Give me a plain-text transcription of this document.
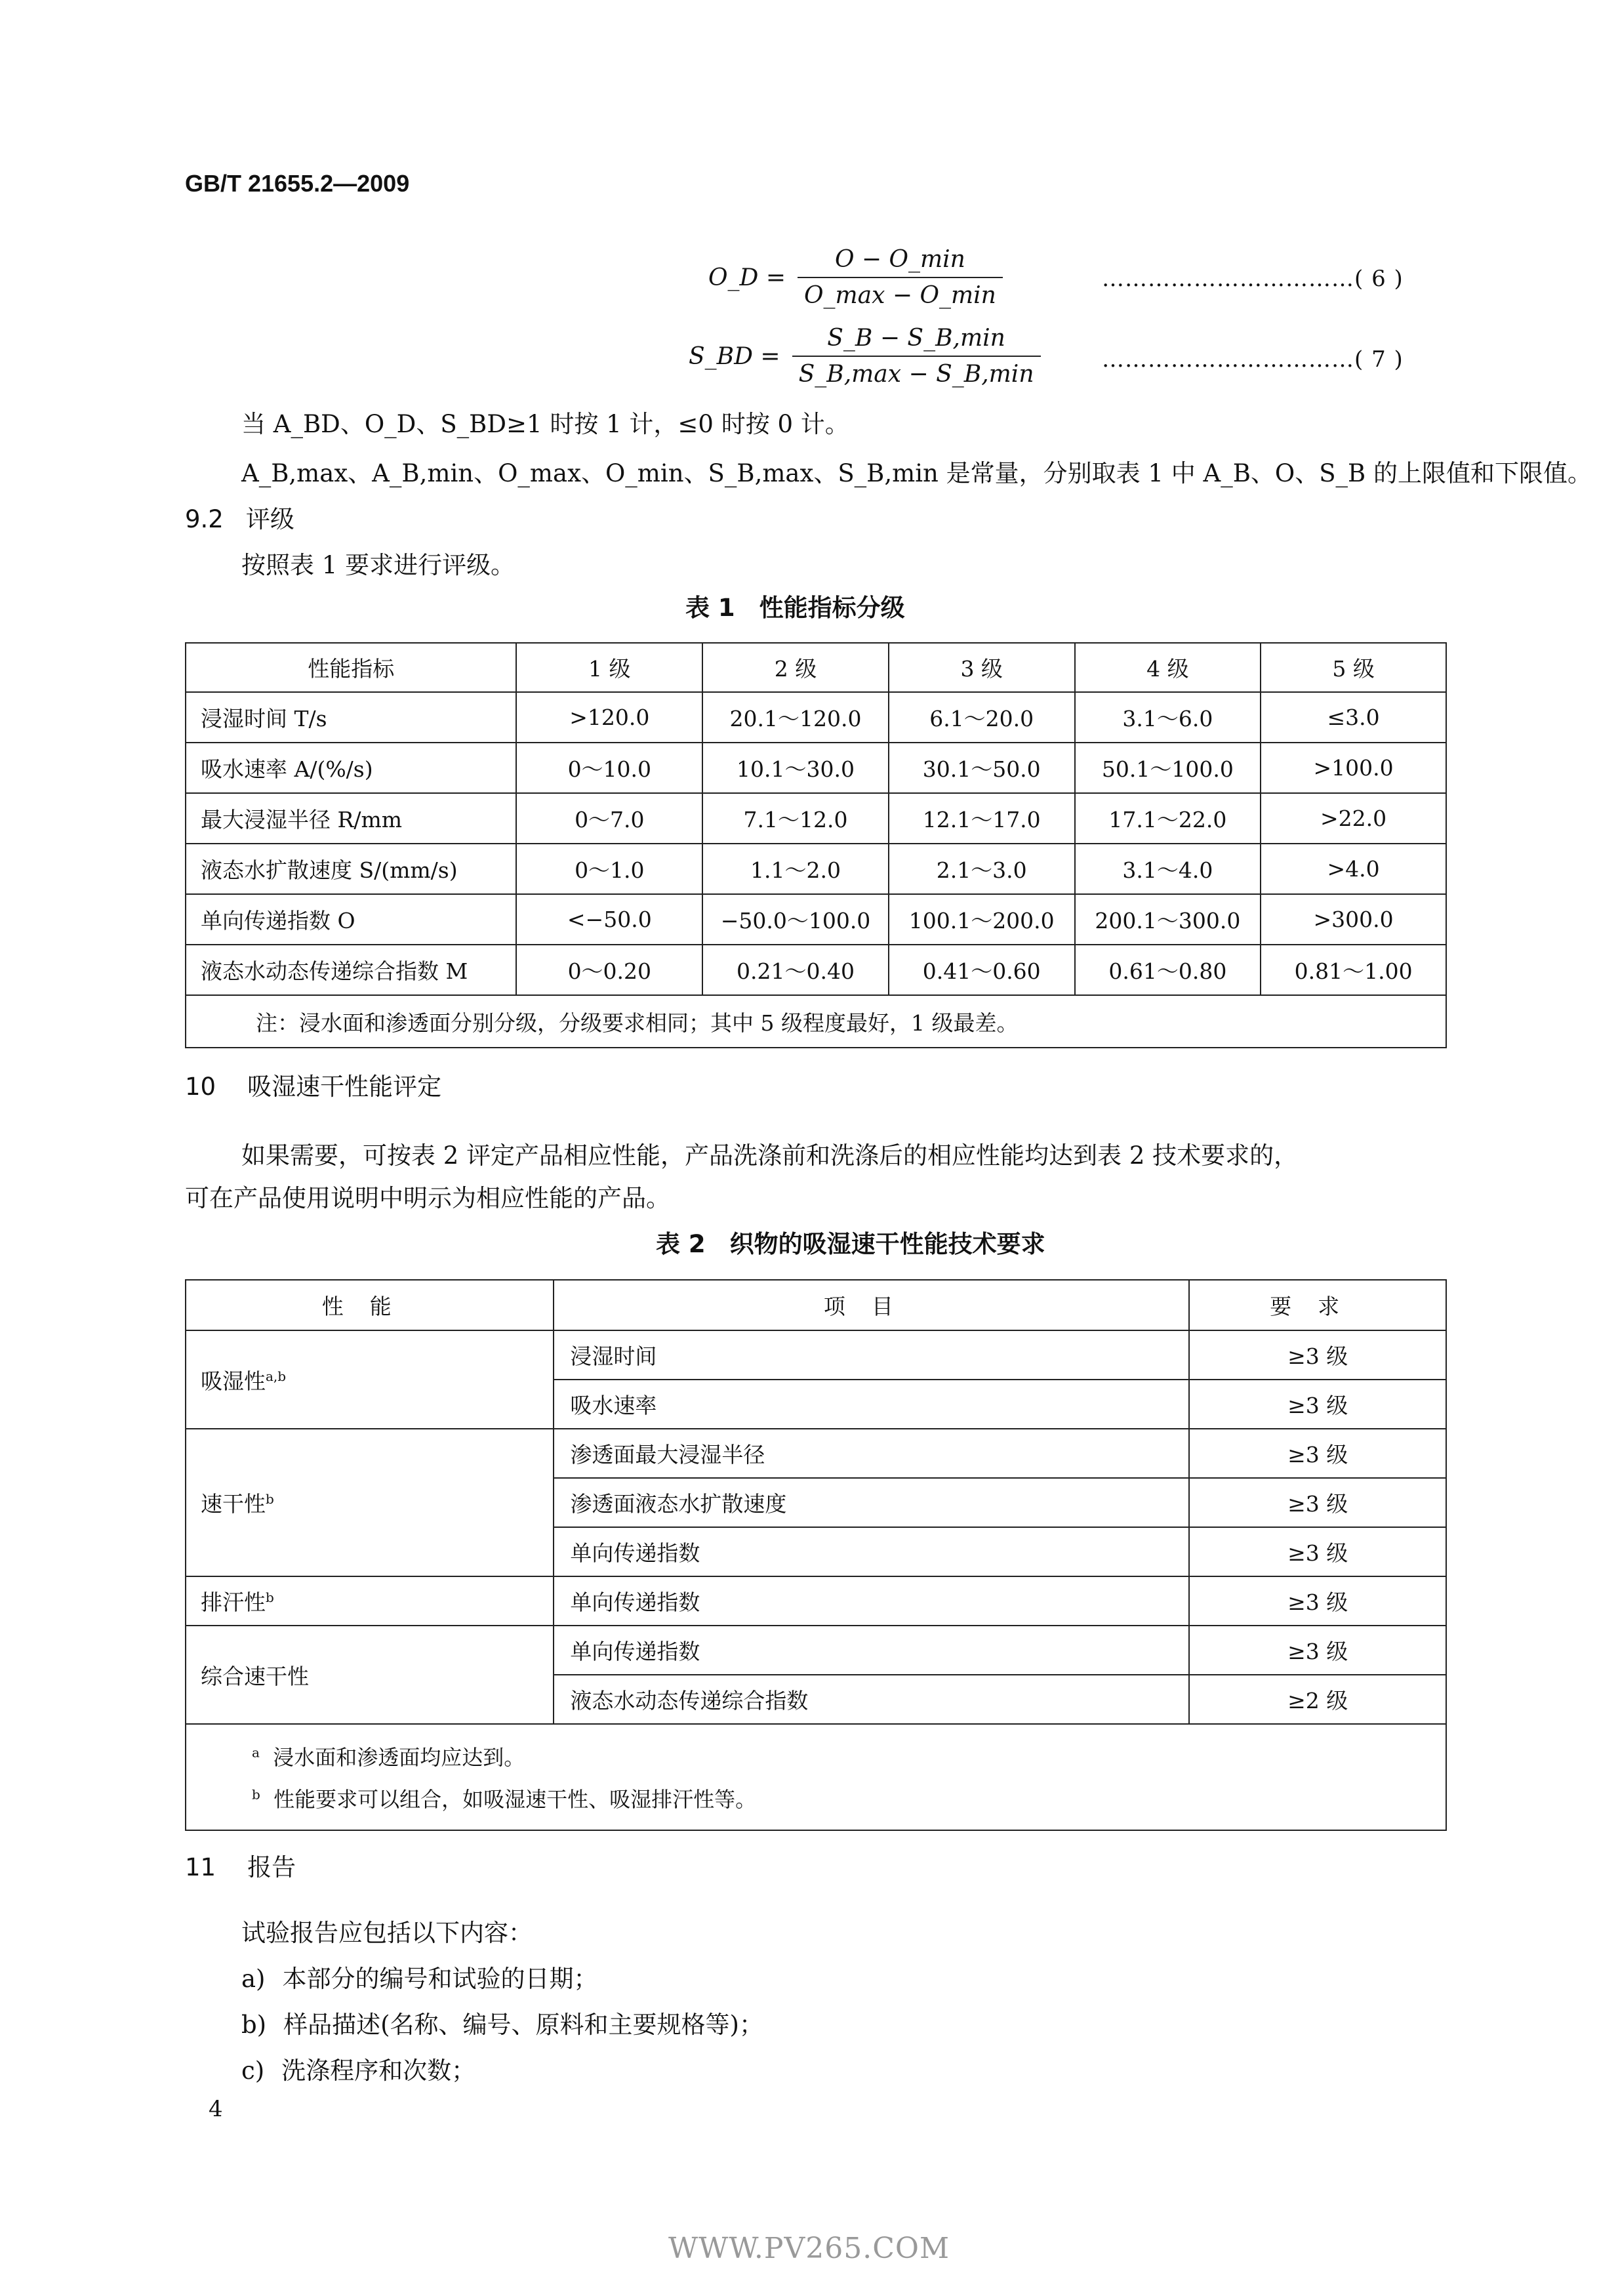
GB/T 21655.2—2009
O_D = $\frac{O - O\_\min}{O\_\max - O\_\min}$	……………………………( 6 )
S_BD = $\frac{S\_B - S\_B,\min}{S\_B,\max - S\_B,\min}$	……………………………( 7 )
当 A_BD、O_D、S_BD≥1 时按 1 计，≤0 时按 0 计。
A_B,max、A_B,min、O_max、O_min、S_B,max、S_B,min 是常量，分别取表 1 中 A_B、O、S_B 的上限值和下限值。
9.2 评级
按照表 1 要求进行评级。
表 1　性能指标分级
性能指标	1 级	2 级	3 级	4 级	5 级
浸湿时间 T/s	>120.0	20.1～120.0	6.1～20.0	3.1～6.0	≤3.0
吸水速率 A/(%/s)	0～10.0	10.1～30.0	30.1～50.0	50.1～100.0	>100.0
最大浸湿半径 R/mm	0～7.0	7.1～12.0	12.1～17.0	17.1～22.0	>22.0
液态水扩散速度 S/(mm/s)	0～1.0	1.1～2.0	2.1～3.0	3.1～4.0	>4.0
单向传递指数 O	<−50.0	−50.0～100.0	100.1～200.0	200.1～300.0	>300.0
液态水动态传递综合指数 M	0～0.20	0.21～0.40	0.41～0.60	0.61～0.80	0.81～1.00
注：浸水面和渗透面分别分级，分级要求相同；其中 5 级程度最好，1 级最差。					
10 吸湿速干性能评定
如果需要，可按表 2 评定产品相应性能，产品洗涤前和洗涤后的相应性能均达到表 2 技术要求的，
可在产品使用说明中明示为相应性能的产品。
表 2　织物的吸湿速干性能技术要求
性能	项目	要求
吸湿性$^{a,b}$	浸湿时间	≥3 级
	吸水速率	≥3 级
速干性$^b$	渗透面最大浸湿半径	≥3 级
	渗透面液态水扩散速度	≥3 级
	单向传递指数	≥3 级
排汗性$^b$	单向传递指数	≥3 级
综合速干性	单向传递指数	≥3 级
	液态水动态传递综合指数	≥2 级

$^a$ 浸水面和渗透面均应达到。
$^b$ 性能要求可以组合，如吸湿速干性、吸湿排汗性等。		
11 报告
试验报告应包括以下内容：
a) 本部分的编号和试验的日期；
b) 样品描述(名称、编号、原料和主要规格等)；
c) 洗涤程序和次数；
4
WWW.PV265.COM
